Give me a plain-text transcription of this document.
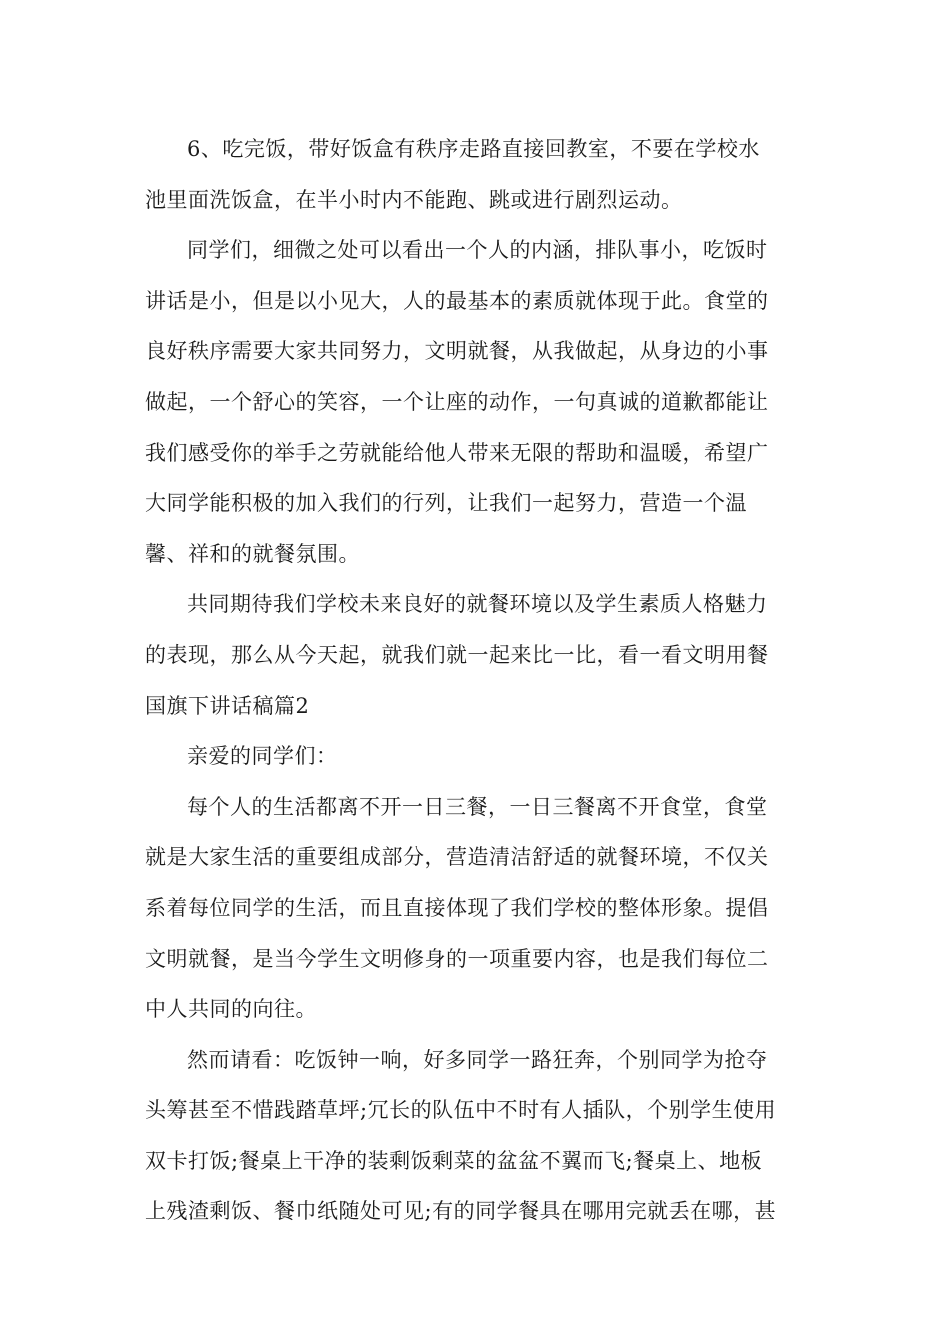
6、吃完饭，带好饭盒有秩序走路直接回教室，不要在学校水
池里面洗饭盒，在半小时内不能跑、跳或进行剧烈运动。

同学们，细微之处可以看出一个人的内涵，排队事小，吃饭时
讲话是小，但是以小见大，人的最基本的素质就体现于此。食堂的
良好秩序需要大家共同努力，文明就餐，从我做起，从身边的小事
做起，一个舒心的笑容，一个让座的动作，一句真诚的道歉都能让
我们感受你的举手之劳就能给他人带来无限的帮助和温暖，希望广
大同学能积极的加入我们的行列，让我们一起努力，营造一个温
馨、祥和的就餐氛围。

共同期待我们学校未来良好的就餐环境以及学生素质人格魅力
的表现，那么从今天起，就我们就一起来比一比，看一看文明用餐

国旗下讲话稿篇2

亲爱的同学们：

每个人的生活都离不开一日三餐，一日三餐离不开食堂，食堂
就是大家生活的重要组成部分，营造清洁舒适的就餐环境，不仅关
系着每位同学的生活，而且直接体现了我们学校的整体形象。提倡
文明就餐，是当今学生文明修身的一项重要内容，也是我们每位二
中人共同的向往。

然而请看：吃饭钟一响，好多同学一路狂奔，个别同学为抢夺
头筹甚至不惜践踏草坪;冗长的队伍中不时有人插队，个别学生使用
双卡打饭;餐桌上干净的装剩饭剩菜的盆盆不翼而飞;餐桌上、地板
上残渣剩饭、餐巾纸随处可见;有的同学餐具在哪用完就丢在哪，甚
